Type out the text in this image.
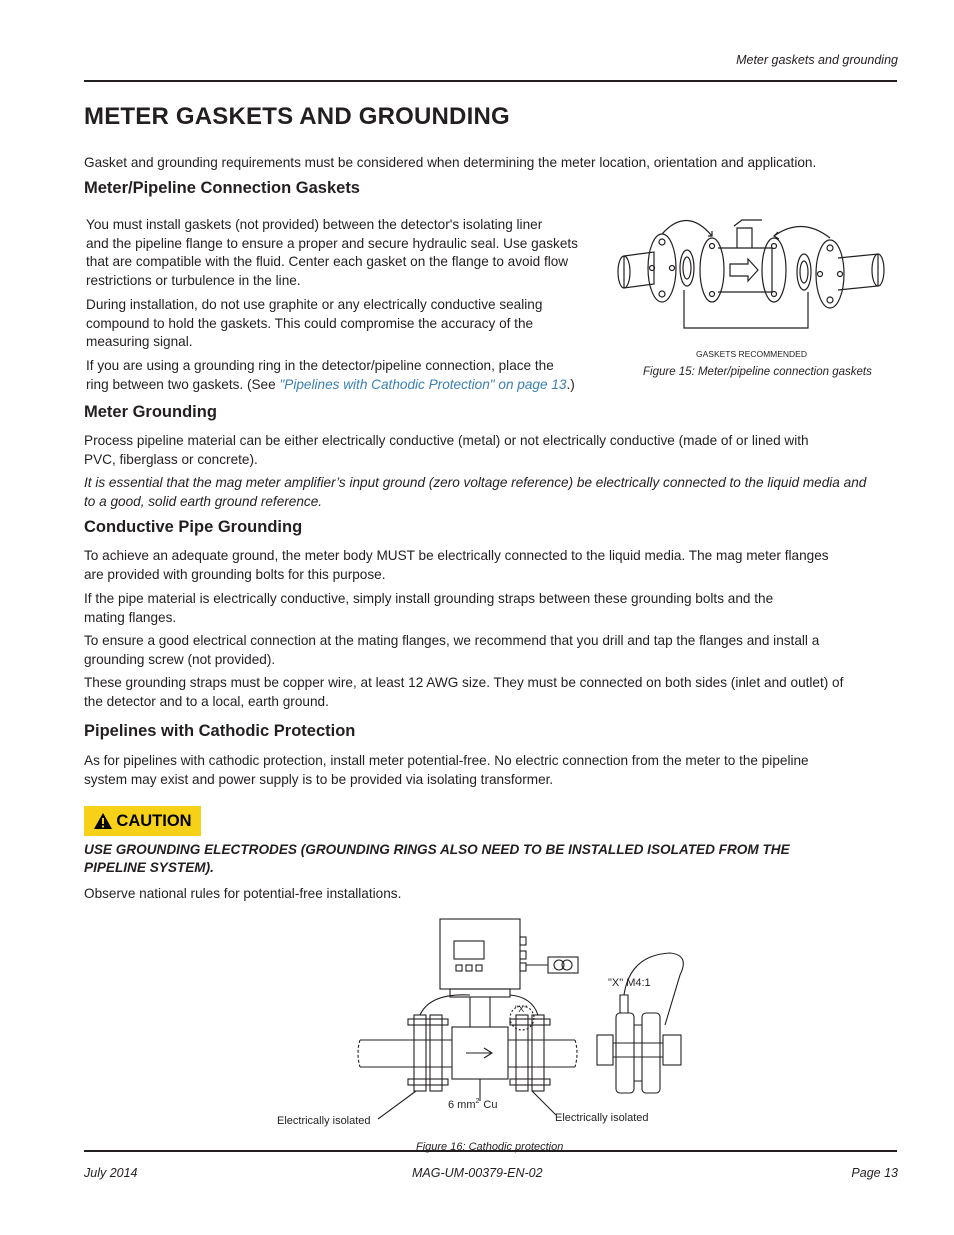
Meter gaskets and grounding
METER GASKETS AND GROUNDING

Gasket and grounding requirements must be considered when determining the meter location, orientation and application.

Meter/Pipeline Connection Gaskets

You must install gaskets (not provided) between the detector's isolating liner
and the pipeline flange to ensure a proper and secure hydraulic seal. Use gaskets
that are compatible with the fluid. Center each gasket on the flange to avoid flow
restrictions or turbulence in the line.

During installation, do not use graphite or any electrically conductive sealing
compound to hold the gaskets. This could compromise the accuracy of the
measuring signal.

If you are using a grounding ring in the detector/pipeline connection, place the
ring between two gaskets. (See "Pipelines with Cathodic Protection" on page 13.)

GASKETS RECOMMENDED
Figure 15: Meter/pipeline connection gaskets
Meter Grounding

Process pipeline material can be either electrically conductive (metal) or not electrically conductive (made of or lined with
PVC, fiberglass or concrete).

It is essential that the mag meter amplifier’s input ground (zero voltage reference) be electrically connected to the liquid media and
to a good, solid earth ground reference.

Conductive Pipe Grounding

To achieve an adequate ground, the meter body MUST be electrically connected to the liquid media. The mag meter flanges
are provided with grounding bolts for this purpose.

If the pipe material is electrically conductive, simply install grounding straps between these grounding bolts and the
mating flanges.

To ensure a good electrical connection at the mating flanges, we recommend that you drill and tap the flanges and install a
grounding screw (not provided).

These grounding straps must be copper wire, at least 12 AWG size. They must be connected on both sides (inlet and outlet) of
the detector and to a local, earth ground.

Pipelines with Cathodic Protection

As for pipelines with cathodic protection, install meter potential-free. No electric connection from the meter to the pipeline
system may exist and power supply is to be provided via isolating transformer.

CAUTION

USE GROUNDING ELECTRODES (GROUNDING RINGS ALSO NEED TO BE INSTALLED ISOLATED FROM THE
PIPELINE SYSTEM).

Observe national rules for potential-free installations.

"X"
"X" M4:1
6 $mm^2$ Cu
Electrically isolated	Electrically isolated
Figure 16: Cathodic protection
July 2014	MAG-UM-00379-EN-02	Page 13
